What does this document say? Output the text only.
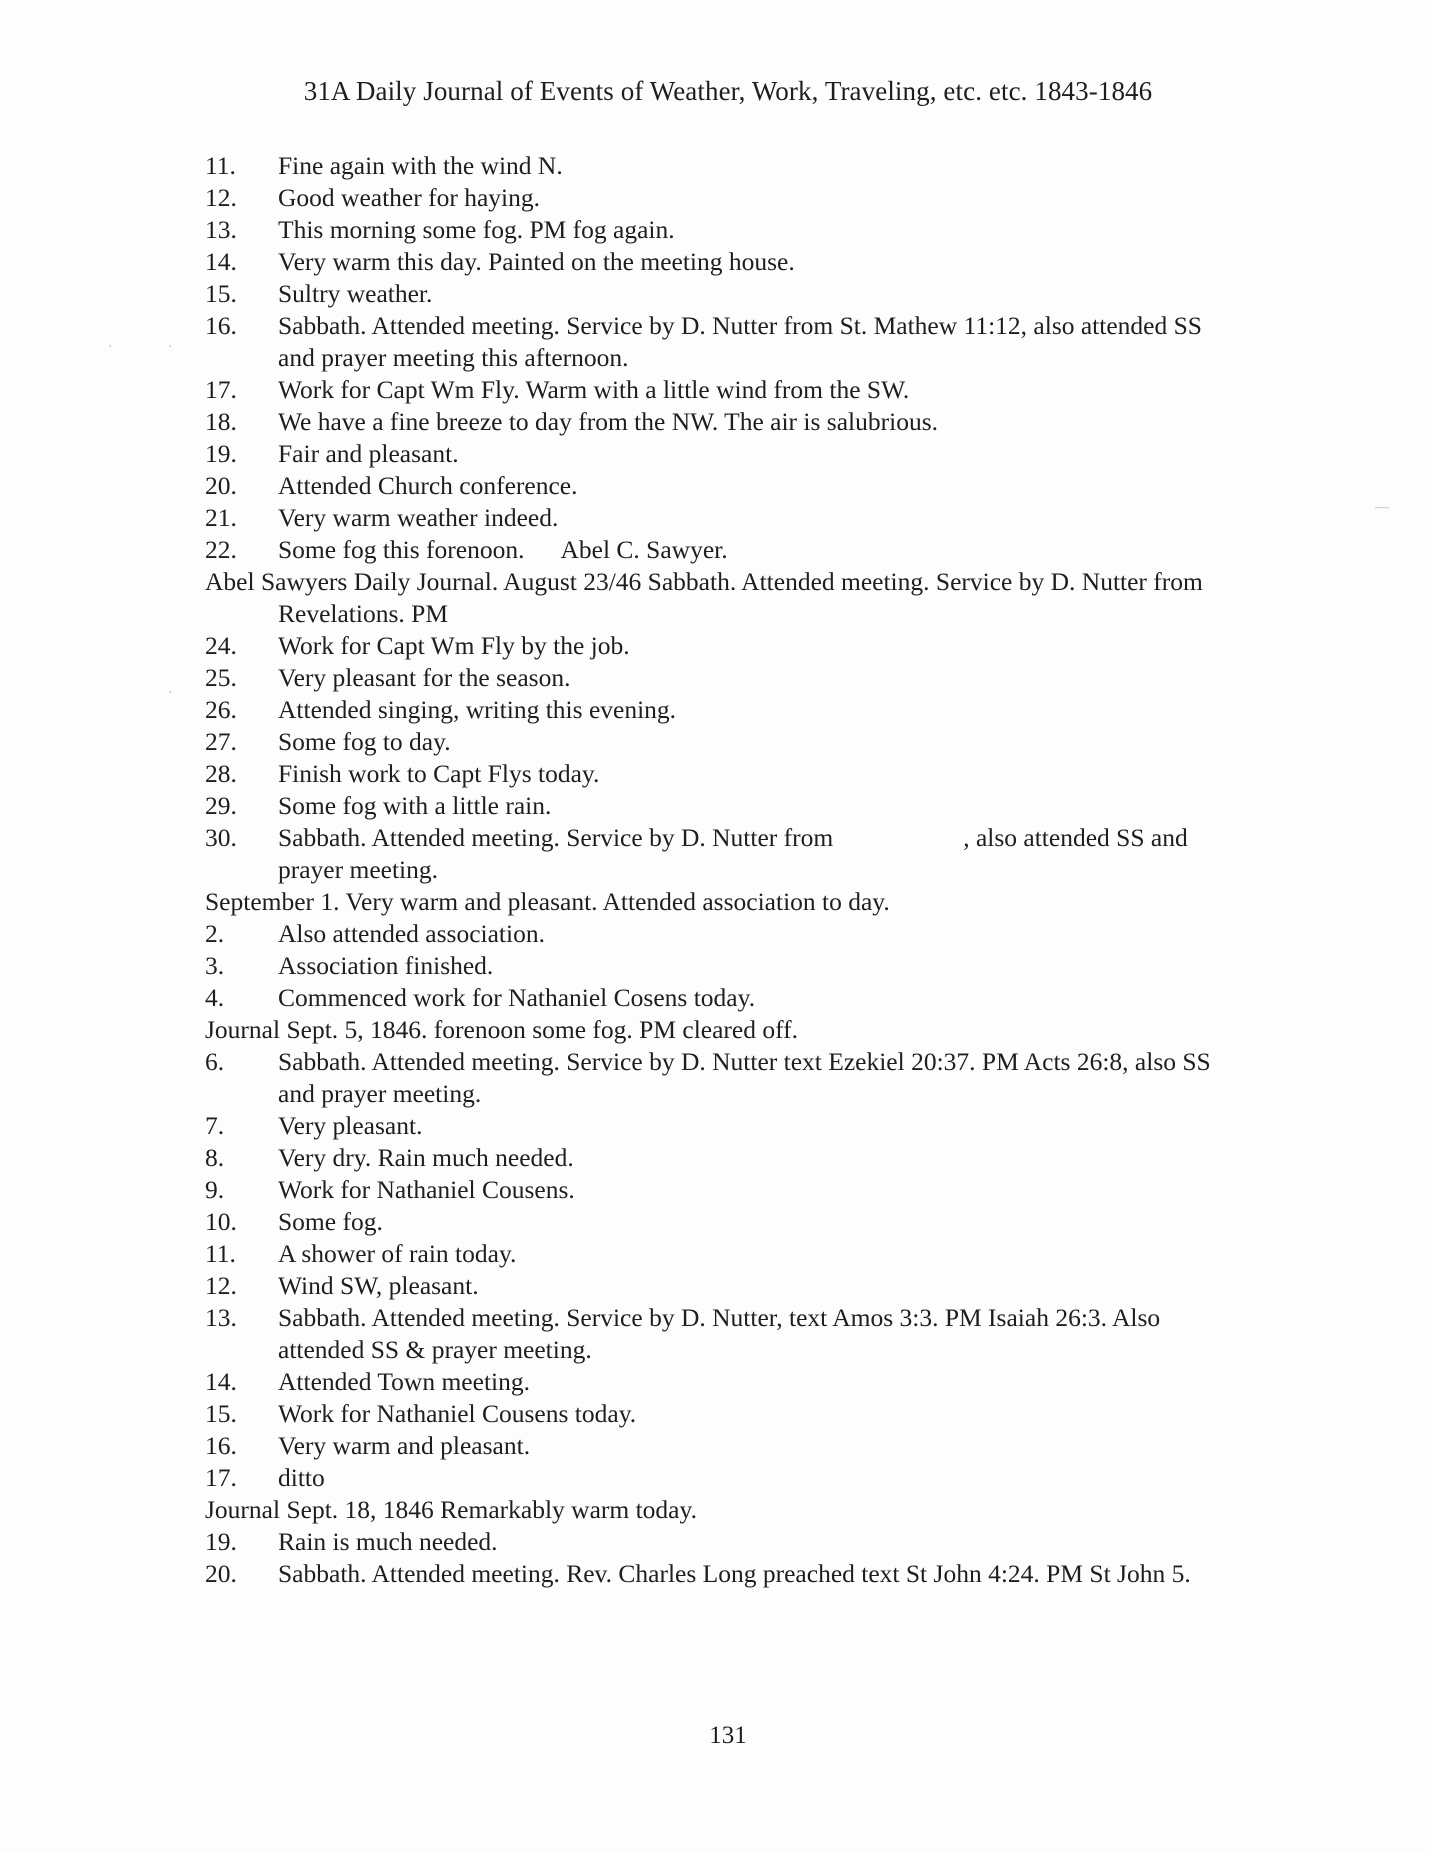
31A Daily Journal of Events of Weather, Work, Traveling, etc. etc. 1843-1846
11.	Fine again with the wind N.
12.	Good weather for haying.
13.	This morning some fog. PM fog again.
14.	Very warm this day. Painted on the meeting house.
15.	Sultry weather.
16.	Sabbath. Attended meeting. Service by D. Nutter from St. Mathew 11:12, also attended SS and prayer meeting this afternoon.
17.	Work for Capt Wm Fly. Warm with a little wind from the SW.
18.	We have a fine breeze to day from the NW. The air is salubrious.
19.	Fair and pleasant.
20.	Attended Church conference.
21.	Very warm weather indeed.
22.	Some fog this forenoon. Abel C. Sawyer.
Abel Sawyers Daily Journal. August 23/46 Sabbath. Attended meeting. Service by D. Nutter from Revelations. PM
24.	Work for Capt Wm Fly by the job.
25.	Very pleasant for the season.
26.	Attended singing, writing this evening.
27.	Some fog to day.
28.	Finish work to Capt Flys today.
29.	Some fog with a little rain.
30.	Sabbath. Attended meeting. Service by D. Nutter from	, also attended SS and prayer meeting.
September 1. Very warm and pleasant. Attended association to day.
2.	Also attended association.
3.	Association finished.
4.	Commenced work for Nathaniel Cosens today.
Journal Sept. 5, 1846. forenoon some fog. PM cleared off.
6.	Sabbath. Attended meeting. Service by D. Nutter text Ezekiel 20:37. PM Acts 26:8, also SS and prayer meeting.
7.	Very pleasant.
8.	Very dry. Rain much needed.
9.	Work for Nathaniel Cousens.
10.	Some fog.
11.	A shower of rain today.
12.	Wind SW, pleasant.
13.	Sabbath. Attended meeting. Service by D. Nutter, text Amos 3:3. PM Isaiah 26:3. Also attended SS & prayer meeting.
14.	Attended Town meeting.
15.	Work for Nathaniel Cousens today.
16.	Very warm and pleasant.
17.	ditto
Journal Sept. 18, 1846 Remarkably warm today.
19.	Rain is much needed.
20.	Sabbath. Attended meeting. Rev. Charles Long preached text St John 4:24. PM St John 5.
131
·	·
·
—
